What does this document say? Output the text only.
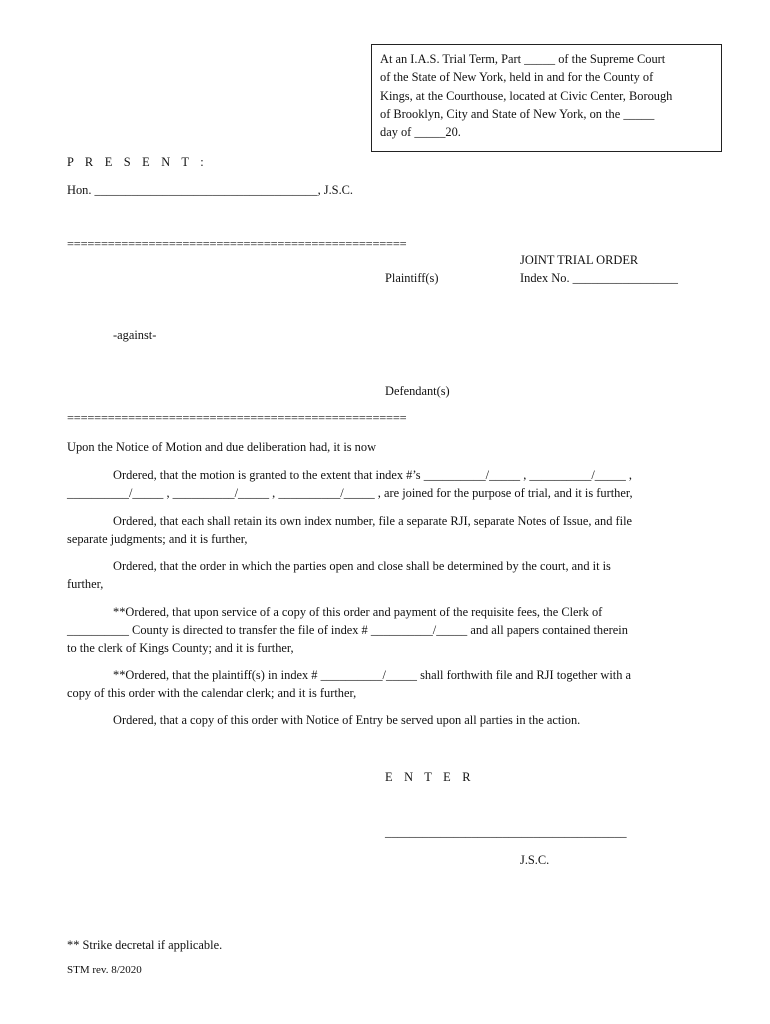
At an I.A.S. Trial Term, Part _____ of the Supreme Court
of the State of New York, held in and for the County of
Kings, at the Courthouse, located at Civic Center, Borough
of Brooklyn, City and State of New York, on the _____
day of _____20.
P R E S E N T :
Hon. ____________________________________, J.S.C.
==================================================
JOINT TRIAL ORDER
Index No. _________________
Plaintiff(s)
-against-
Defendant(s)
==================================================
Upon the Notice of Motion and due deliberation had, it is now
Ordered, that the motion is granted to the extent that index #’s __________/_____ , __________/_____ ,
__________/_____ , __________/_____ , __________/_____ , are joined for the purpose of trial, and it is further,
Ordered, that each shall retain its own index number, file a separate RJI, separate Notes of Issue, and file
separate judgments; and it is further,
Ordered, that the order in which the parties open and close shall be determined by the court, and it is
further,
**Ordered, that upon service of a copy of this order and payment of the requisite fees, the Clerk of
__________ County is directed to transfer the file of index # __________/_____ and all papers contained therein
to the clerk of Kings County; and it is further,
**Ordered, that the plaintiff(s) in index # __________/_____ shall forthwith file and RJI together with a
copy of this order with the calendar clerk; and it is further,
Ordered, that a copy of this order with Notice of Entry be served upon all parties in the action.
E N T E R
_______________________________________
J.S.C.
** Strike decretal if applicable.
STM rev. 8/2020
